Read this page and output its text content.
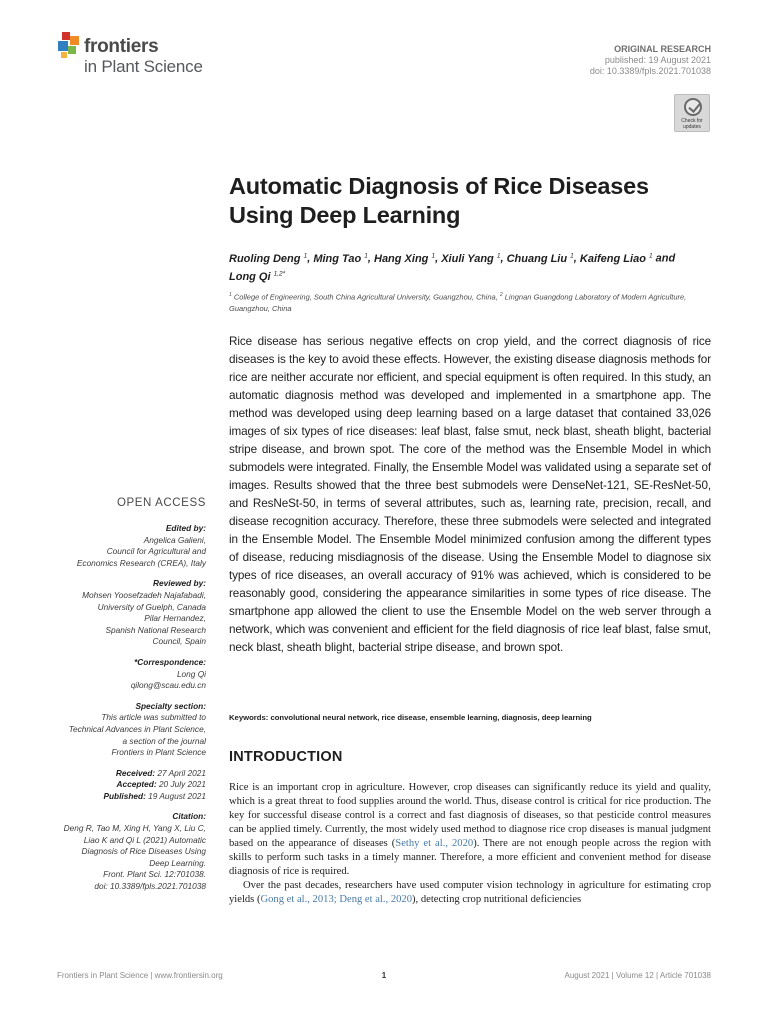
frontiers
in Plant Science
ORIGINAL RESEARCH
published: 19 August 2021
doi: 10.3389/fpls.2021.701038
Check for
updates
Automatic Diagnosis of Rice Diseases Using Deep Learning
Ruoling Deng $^1$, Ming Tao $^1$, Hang Xing $^1$, Xiuli Yang $^1$, Chuang Liu $^1$, Kaifeng Liao $^1$ and
Long Qi $^{1,2*}$
$^1$ College of Engineering, South China Agricultural University, Guangzhou, China, $^2$ Lingnan Guangdong Laboratory of Modern Agriculture, Guangzhou, China
Rice disease has serious negative effects on crop yield, and the correct diagnosis of rice diseases is the key to avoid these effects. However, the existing disease diagnosis methods for rice are neither accurate nor efficient, and special equipment is often required. In this study, an automatic diagnosis method was developed and implemented in a smartphone app. The method was developed using deep learning based on a large dataset that contained 33,026 images of six types of rice diseases: leaf blast, false smut, neck blast, sheath blight, bacterial stripe disease, and brown spot. The core of the method was the Ensemble Model in which submodels were integrated. Finally, the Ensemble Model was validated using a separate set of images. Results showed that the three best submodels were DenseNet-121, SE-ResNet-50, and ResNeSt-50, in terms of several attributes, such as, learning rate, precision, recall, and disease recognition accuracy. Therefore, these three submodels were selected and integrated in the Ensemble Model. The Ensemble Model minimized confusion among the different types of disease, reducing misdiagnosis of the disease. Using the Ensemble Model to diagnose six types of rice diseases, an overall accuracy of 91% was achieved, which is considered to be reasonably good, considering the appearance similarities in some types of rice disease. The smartphone app allowed the client to use the Ensemble Model on the web server through a network, which was convenient and efficient for the field diagnosis of rice leaf blast, false smut, neck blast, sheath blight, bacterial stripe disease, and brown spot.
Keywords: convolutional neural network, rice disease, ensemble learning, diagnosis, deep learning
INTRODUCTION

Rice is an important crop in agriculture. However, crop diseases can significantly reduce its yield and quality, which is a great threat to food supplies around the world. Thus, disease control is critical for rice production. The key for successful disease control is a correct and fast diagnosis of diseases, so that pesticide control measures can be applied timely. Currently, the most widely used method to diagnose rice crop diseases is manual judgment based on the appearance of diseases (Sethy et al., 2020). There are not enough people across the region with skills to perform such tasks in a timely manner. Therefore, a more efficient and convenient method for disease diagnosis of rice is required.

Over the past decades, researchers have used computer vision technology in agriculture for estimating crop yields (Gong et al., 2013; Deng et al., 2020), detecting crop nutritional deficiencies

OPEN ACCESS
Edited by:
Angelica Galieni,
Council for Agricultural and
Economics Research (CREA), Italy
Reviewed by:
Mohsen Yoosefzadeh Najafabadi,
University of Guelph, Canada
Pilar Hernandez,
Spanish National Research
Council, Spain
*Correspondence:
Long Qi
qilong@scau.edu.cn
Specialty section:
This article was submitted to
Technical Advances in Plant Science,
a section of the journal
Frontiers in Plant Science
Received: 27 April 2021
Accepted: 20 July 2021
Published: 19 August 2021
Citation:
Deng R, Tao M, Xing H, Yang X, Liu C,
Liao K and Qi L (2021) Automatic
Diagnosis of Rice Diseases Using
Deep Learning.
Front. Plant Sci. 12:701038.
doi: 10.3389/fpls.2021.701038
Frontiers in Plant Science | www.frontiersin.org	1	August 2021 | Volume 12 | Article 701038
